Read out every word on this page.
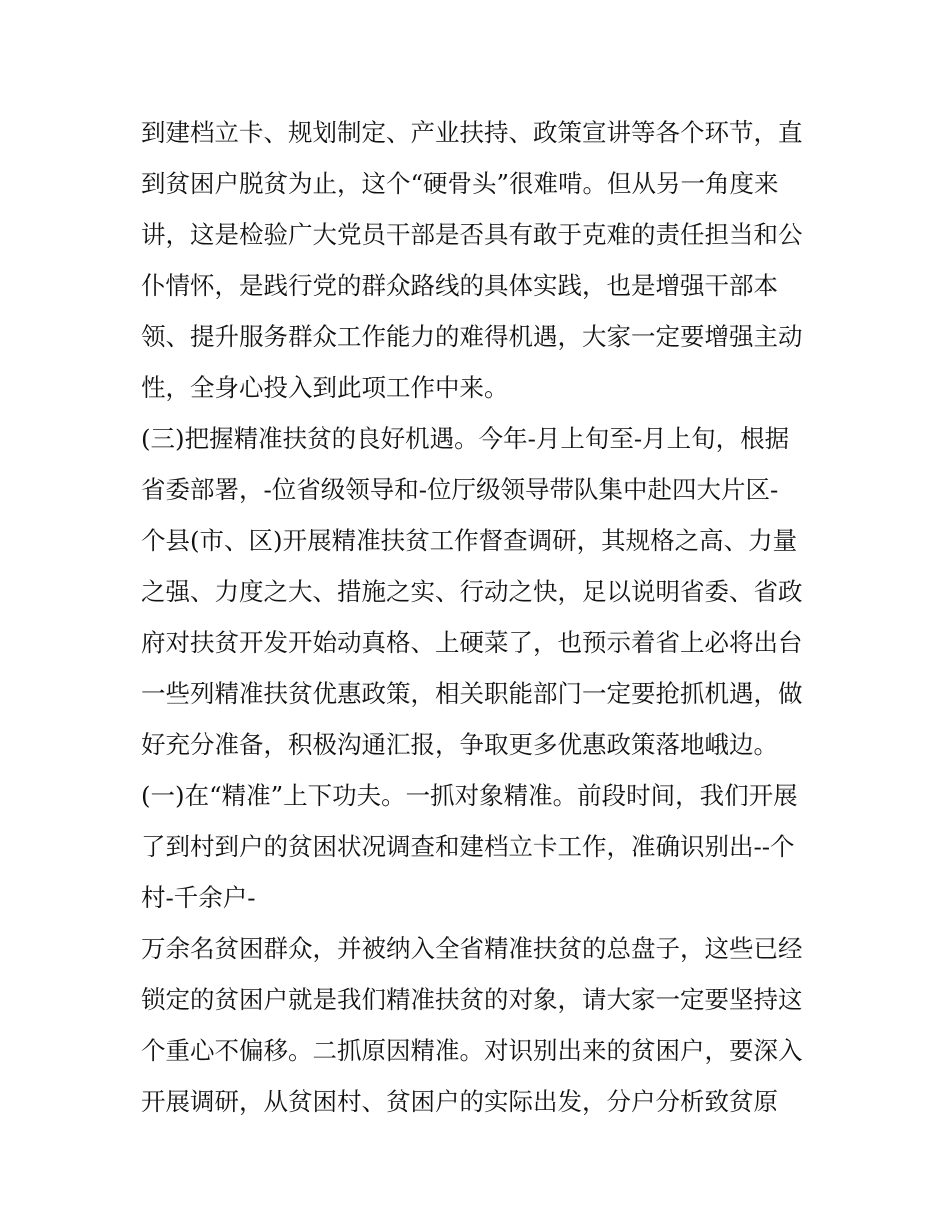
到建档立卡、规划制定、产业扶持、政策宣讲等各个环节，直
到贫困户脱贫为止，这个“硬骨头”很难啃。但从另一角度来
讲，这是检验广大党员干部是否具有敢于克难的责任担当和公
仆情怀，是践行党的群众路线的具体实践，也是增强干部本
领、提升服务群众工作能力的难得机遇，大家一定要增强主动
性，全身心投入到此项工作中来。
(三)把握精准扶贫的良好机遇。今年-月上旬至-月上旬，根据
省委部署，-位省级领导和-位厅级领导带队集中赴四大片区-
个县(市、区)开展精准扶贫工作督查调研，其规格之高、力量
之强、力度之大、措施之实、行动之快，足以说明省委、省政
府对扶贫开发开始动真格、上硬菜了，也预示着省上必将出台
一些列精准扶贫优惠政策，相关职能部门一定要抢抓机遇，做
好充分准备，积极沟通汇报，争取更多优惠政策落地峨边。
(一)在“精准”上下功夫。一抓对象精准。前段时间，我们开展
了到村到户的贫困状况调查和建档立卡工作，准确识别出--个
村-千余户-
万余名贫困群众，并被纳入全省精准扶贫的总盘子，这些已经
锁定的贫困户就是我们精准扶贫的对象，请大家一定要坚持这
个重心不偏移。二抓原因精准。对识别出来的贫困户，要深入
开展调研，从贫困村、贫困户的实际出发，分户分析致贫原
